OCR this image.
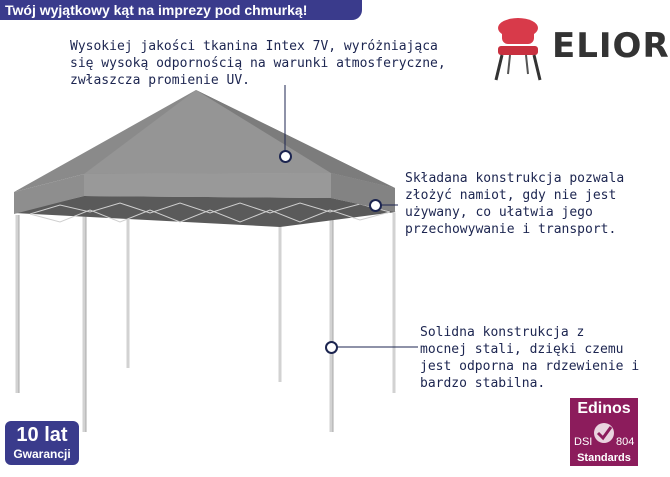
Twój wyjątkowy kąt na imprezy pod chmurką!
Wysokiej jakości tkanina Intex 7V, wyróżniająca
się wysoką odpornością na warunki atmosferyczne,
zwłaszcza promienie UV.
Składana konstrukcja pozwala
złożyć namiot, gdy nie jest
używany, co ułatwia jego
przechowywanie i transport.
Solidna konstrukcja z
mocnej stali, dzięki czemu
jest odporna na rdzewienie i
bardzo stabilna.
ELIOR
10 lat
Gwarancji
Edinos
DSI 804
Standards
